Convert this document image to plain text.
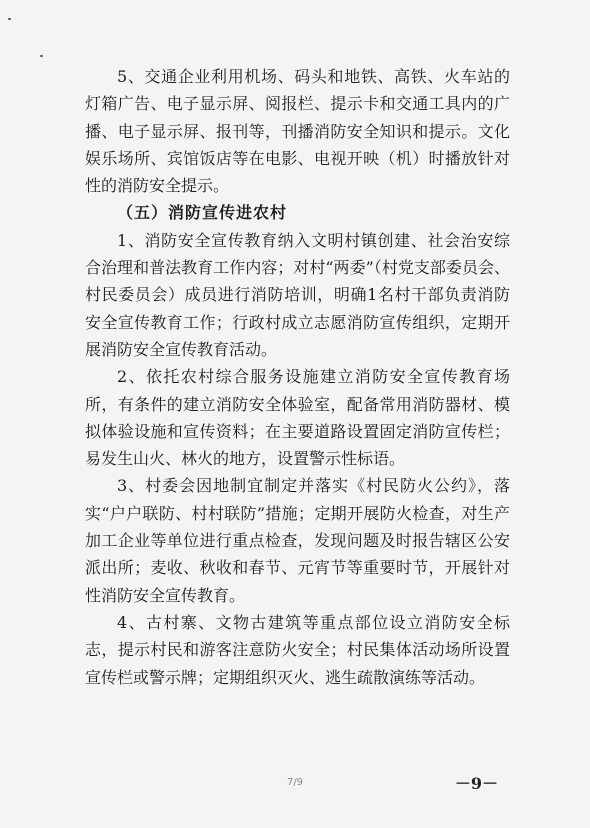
5、交通企业利用机场、码头和地铁、高铁、火车站的灯箱广告、电子显示屏、阅报栏、提示卡和交通工具内的广播、电子显示屏、报刊等，刊播消防安全知识和提示。文化娱乐场所、宾馆饭店等在电影、电视开映（机）时播放针对性的消防安全提示。

（五）消防宣传进农村

1、消防安全宣传教育纳入文明村镇创建、社会治安综合治理和普法教育工作内容；对村“两委”（村党支部委员会、村民委员会）成员进行消防培训，明确1名村干部负责消防安全宣传教育工作；行政村成立志愿消防宣传组织，定期开展消防安全宣传教育活动。

2、依托农村综合服务设施建立消防安全宣传教育场所，有条件的建立消防安全体验室，配备常用消防器材、模拟体验设施和宣传资料；在主要道路设置固定消防宣传栏；易发生山火、林火的地方，设置警示性标语。

3、村委会因地制宜制定并落实《村民防火公约》，落实“户户联防、村村联防”措施；定期开展防火检查，对生产加工企业等单位进行重点检查，发现问题及时报告辖区公安派出所；麦收、秋收和春节、元宵节等重要时节，开展针对性消防安全宣传教育。

4、古村寨、文物古建筑等重点部位设立消防安全标志，提示村民和游客注意防火安全；村民集体活动场所设置宣传栏或警示牌；定期组织灭火、逃生疏散演练等活动。

7/9	－9－
